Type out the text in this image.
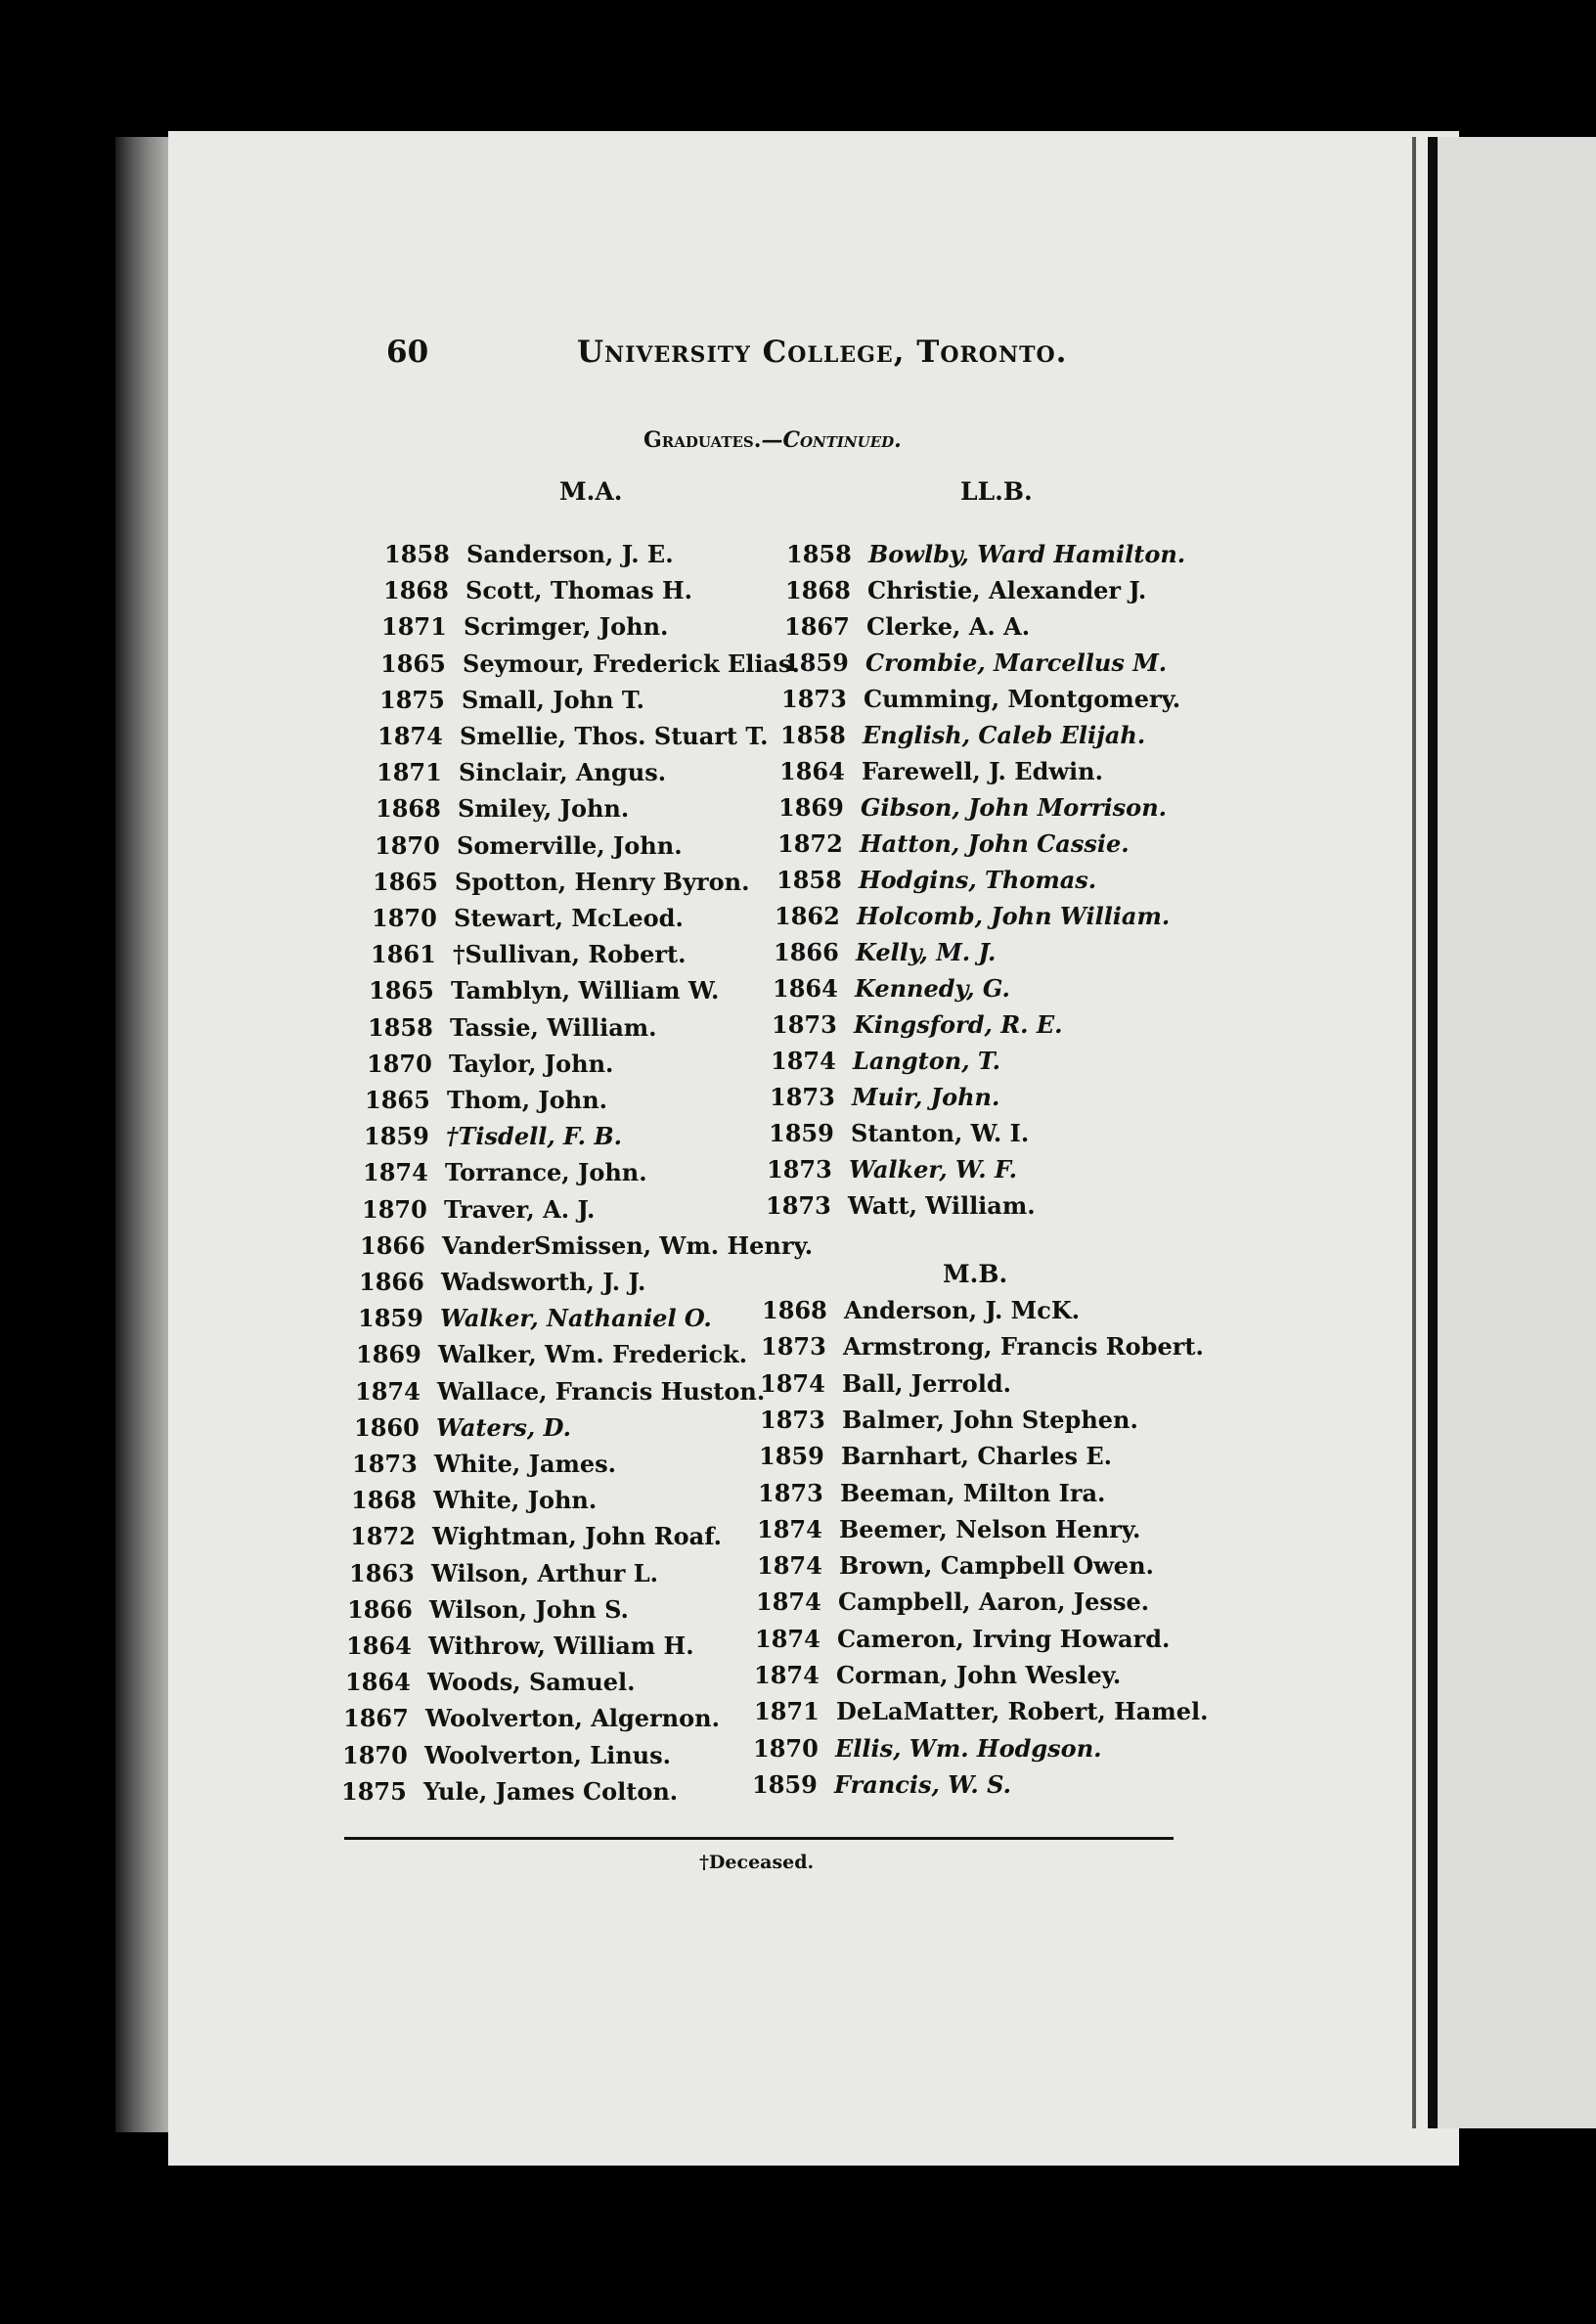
60	University College, Toronto.
Graduates.—Continued.
M.A.	LL.B.
M.B.
1858 Sanderson, J. E.
1868 Scott, Thomas H.
1871 Scrimger, John.
1865 Seymour, Frederick Elias.
1875 Small, John T.
1874 Smellie, Thos. Stuart T.
1871 Sinclair, Angus.
1868 Smiley, John.
1870 Somerville, John.
1865 Spotton, Henry Byron.
1870 Stewart, McLeod.
1861 †Sullivan, Robert.
1865 Tamblyn, William W.
1858 Tassie, William.
1870 Taylor, John.
1865 Thom, John.
1859 †Tisdell, F. B.
1874 Torrance, John.
1870 Traver, A. J.
1866 VanderSmissen, Wm. Henry.
1866 Wadsworth, J. J.
1859 Walker, Nathaniel O.
1869 Walker, Wm. Frederick.
1874 Wallace, Francis Huston.
1860 Waters, D.
1873 White, James.
1868 White, John.
1872 Wightman, John Roaf.
1863 Wilson, Arthur L.
1866 Wilson, John S.
1864 Withrow, William H.
1864 Woods, Samuel.
1867 Woolverton, Algernon.
1870 Woolverton, Linus.
1875 Yule, James Colton.
1858 Bowlby, Ward Hamilton.
1868 Christie, Alexander J.
1867 Clerke, A. A.
1859 Crombie, Marcellus M.
1873 Cumming, Montgomery.
1858 English, Caleb Elijah.
1864 Farewell, J. Edwin.
1869 Gibson, John Morrison.
1872 Hatton, John Cassie.
1858 Hodgins, Thomas.
1862 Holcomb, John William.
1866 Kelly, M. J.
1864 Kennedy, G.
1873 Kingsford, R. E.
1874 Langton, T.
1873 Muir, John.
1859 Stanton, W. I.
1873 Walker, W. F.
1873 Watt, William.
1868 Anderson, J. McK.
1873 Armstrong, Francis Robert.
1874 Ball, Jerrold.
1873 Balmer, John Stephen.
1859 Barnhart, Charles E.
1873 Beeman, Milton Ira.
1874 Beemer, Nelson Henry.
1874 Brown, Campbell Owen.
1874 Campbell, Aaron, Jesse.
1874 Cameron, Irving Howard.
1874 Corman, John Wesley.
1871 DeLaMatter, Robert, Hamel.
1870 Ellis, Wm. Hodgson.
1859 Francis, W. S.
†Deceased.
